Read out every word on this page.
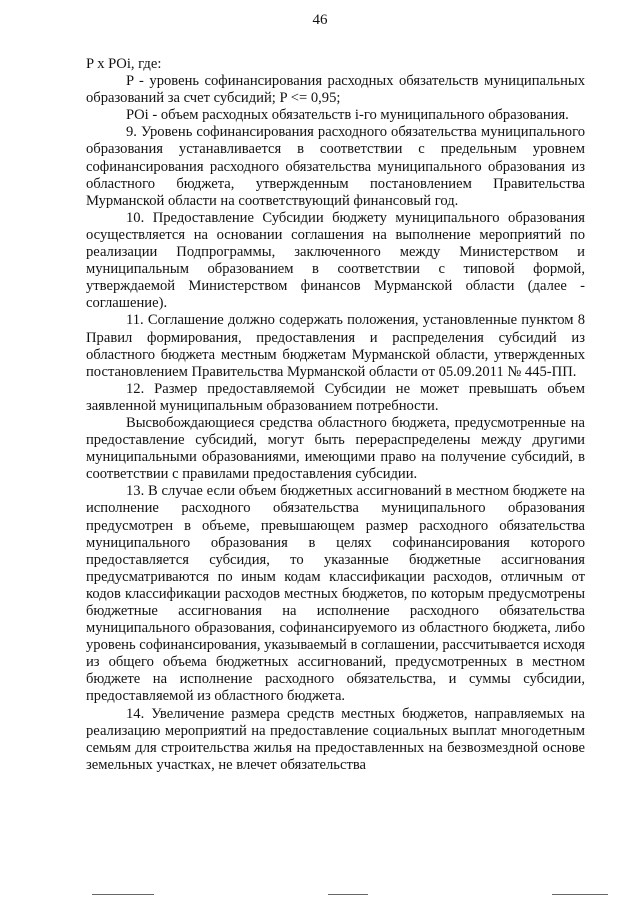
46

P x POi, где:

P - уровень софинансирования расходных обязательств муниципальных образований за счет субсидий; P <= 0,95;

POi - объем расходных обязательств i-го муниципального образования.

9. Уровень софинансирования расходного обязательства муниципального образования устанавливается в соответствии с предельным уровнем софинансирования расходного обязательства муниципального образования из областного бюджета, утвержденным постановлением Правительства Мурманской области на соответствующий финансовый год.

10. Предоставление Субсидии бюджету муниципального образования осуществляется на основании соглашения на выполнение мероприятий по реализации Подпрограммы, заключенного между Министерством и муниципальным образованием в соответствии с типовой формой, утверждаемой Министерством финансов Мурманской области (далее - соглашение).

11. Соглашение должно содержать положения, установленные пунктом 8 Правил формирования, предоставления и распределения субсидий из областного бюджета местным бюджетам Мурманской области, утвержденных постановлением Правительства Мурманской области от 05.09.2011 № 445-ПП.

12. Размер предоставляемой Субсидии не может превышать объем заявленной муниципальным образованием потребности.

Высвобождающиеся средства областного бюджета, предусмотренные на предоставление субсидий, могут быть перераспределены между другими муниципальными образованиями, имеющими право на получение субсидий, в соответствии с правилами предоставления субсидии.

13. В случае если объем бюджетных ассигнований в местном бюджете на исполнение расходного обязательства муниципального образования предусмотрен в объеме, превышающем размер расходного обязательства муниципального образования в целях софинансирования которого предоставляется субсидия, то указанные бюджетные ассигнования предусматриваются по иным кодам классификации расходов, отличным от кодов классификации расходов местных бюджетов, по которым предусмотрены бюджетные ассигнования на исполнение расходного обязательства муниципального образования, софинансируемого из областного бюджета, либо уровень софинансирования, указываемый в соглашении, рассчитывается исходя из общего объема бюджетных ассигнований, предусмотренных в местном бюджете на исполнение расходного обязательства, и суммы субсидии, предоставляемой из областного бюджета.

14. Увеличение размера средств местных бюджетов, направляемых на реализацию мероприятий на предоставление социальных выплат многодетным семьям для строительства жилья на предоставленных на безвозмездной основе земельных участках, не влечет обязательства
